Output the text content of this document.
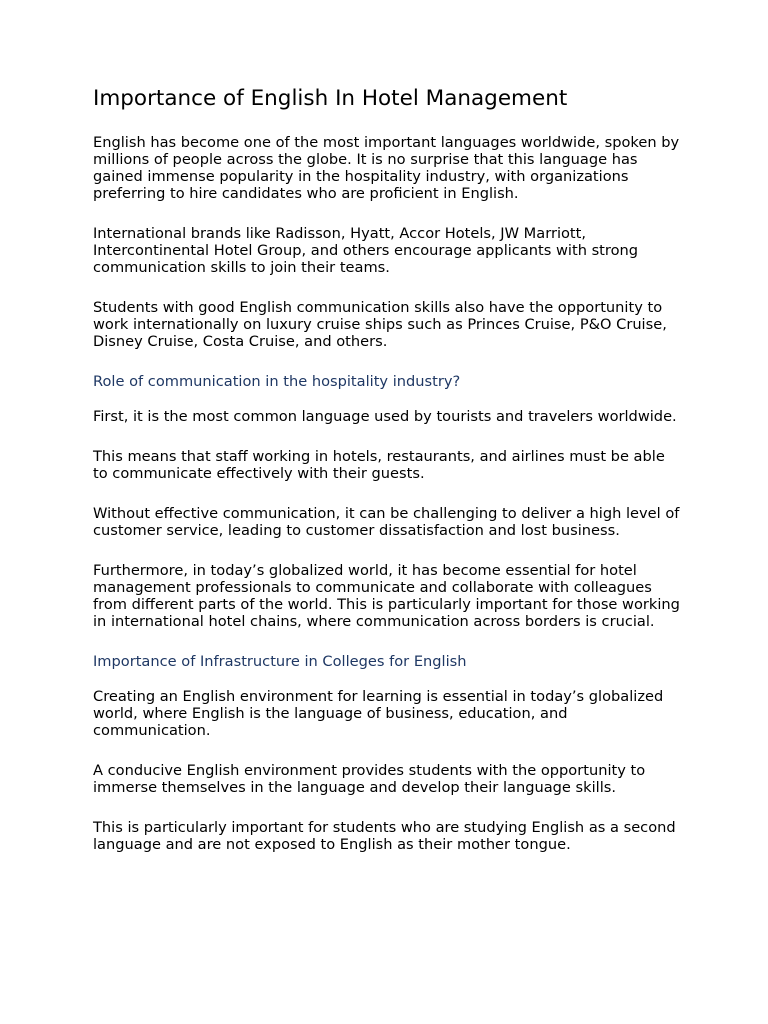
Importance of English In Hotel Management

English has become one of the most important languages worldwide, spoken by millions of people across the globe. It is no surprise that this language has gained immense popularity in the hospitality industry, with organizations preferring to hire candidates who are proficient in English.

International brands like Radisson, Hyatt, Accor Hotels, JW Marriott, Intercontinental Hotel Group, and others encourage applicants with strong communication skills to join their teams.

Students with good English communication skills also have the opportunity to work internationally on luxury cruise ships such as Princes Cruise, P&O Cruise, Disney Cruise, Costa Cruise, and others.

Role of communication in the hospitality industry?

First, it is the most common language used by tourists and travelers worldwide.

This means that staff working in hotels, restaurants, and airlines must be able to communicate effectively with their guests.

Without effective communication, it can be challenging to deliver a high level of customer service, leading to customer dissatisfaction and lost business.

Furthermore, in today’s globalized world, it has become essential for hotel management professionals to communicate and collaborate with colleagues from different parts of the world. This is particularly important for those working in international hotel chains, where communication across borders is crucial.

Importance of Infrastructure in Colleges for English

Creating an English environment for learning is essential in today’s globalized world, where English is the language of business, education, and communication.

A conducive English environment provides students with the opportunity to immerse themselves in the language and develop their language skills.

This is particularly important for students who are studying English as a second language and are not exposed to English as their mother tongue.
